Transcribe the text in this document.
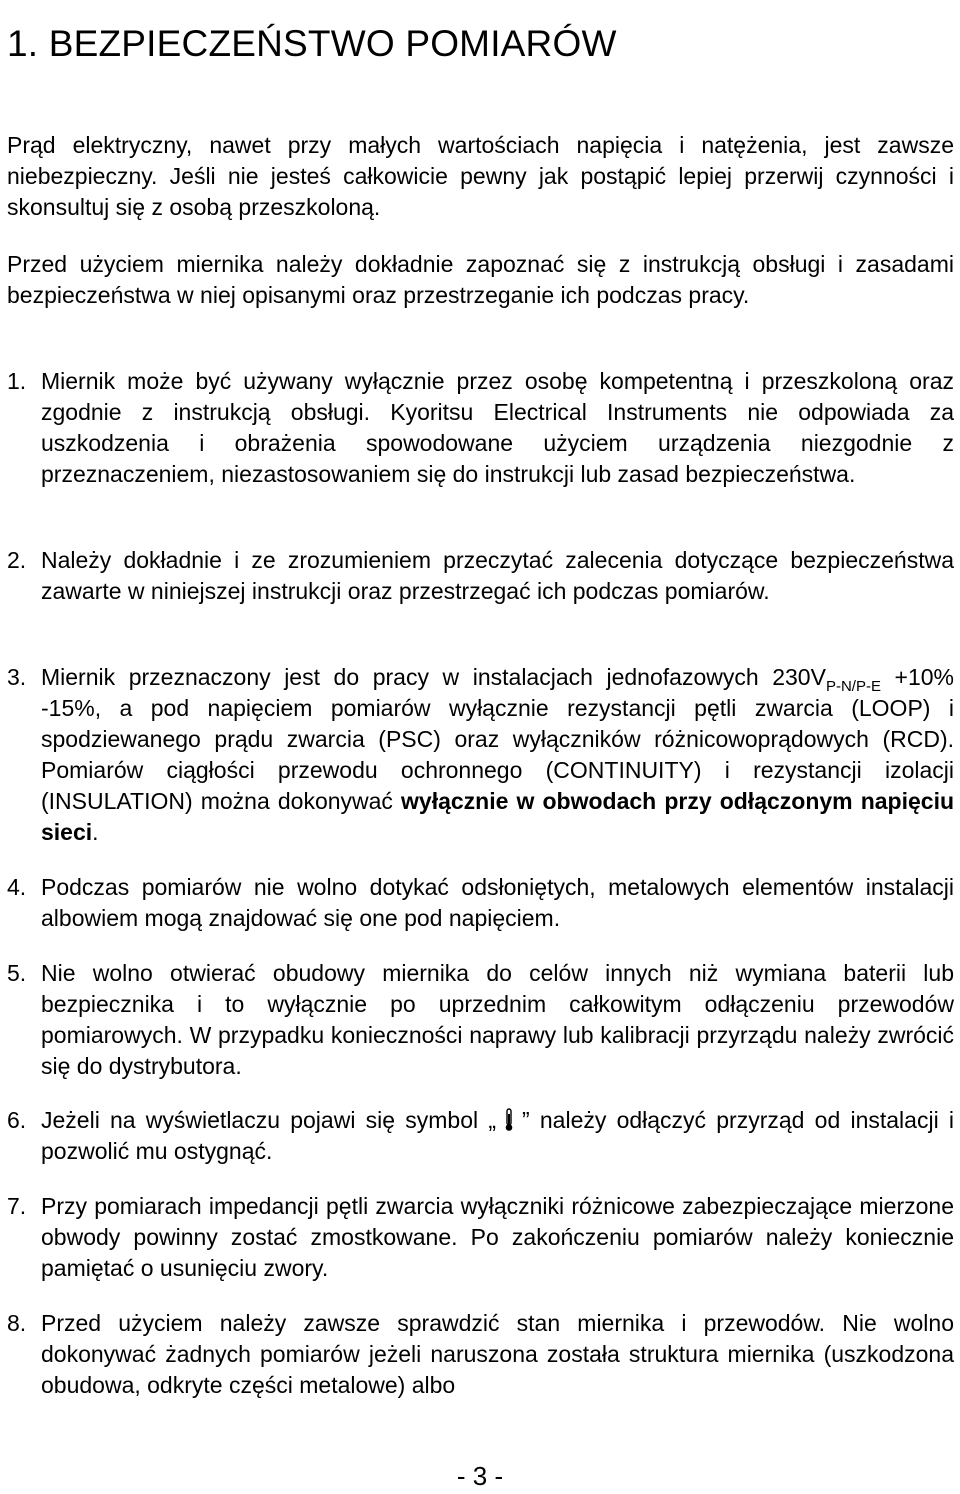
1. BEZPIECZEŃSTWO POMIARÓW

Prąd elektryczny, nawet przy małych wartościach napięcia i natężenia, jest zawsze niebezpieczny. Jeśli nie jesteś całkowicie pewny jak postąpić lepiej przerwij czynności i skonsultuj się z osobą przeszkoloną.

Przed użyciem miernika należy dokładnie zapoznać się z instrukcją obsługi i zasadami bezpieczeństwa w niej opisanymi oraz przestrzeganie ich podczas pracy.

1. Miernik może być używany wyłącznie przez osobę kompetentną i przeszkoloną oraz zgodnie z instrukcją obsługi. Kyoritsu Electrical Instruments nie odpowiada za uszkodzenia i obrażenia spowodowane użyciem urządzenia niezgodnie z przeznaczeniem, niezastosowaniem się do instrukcji lub zasad bezpieczeństwa.
2. Należy dokładnie i ze zrozumieniem przeczytać zalecenia dotyczące bezpieczeństwa zawarte w niniejszej instrukcji oraz przestrzegać ich podczas pomiarów.
3. Miernik przeznaczony jest do pracy w instalacjach jednofazowych $230V_{P-N/P-E} +10\%$ -15%, a pod napięciem pomiarów wyłącznie rezystancji pętli zwarcia (LOOP) i spodziewanego prądu zwarcia (PSC) oraz wyłączników różnicowoprądowych (RCD). Pomiarów ciągłości przewodu ochronnego (CONTINUITY) i rezystancji izolacji (INSULATION) można dokonywać wyłącznie w obwodach przy odłączonym napięciu sieci.
4. Podczas pomiarów nie wolno dotykać odsłoniętych, metalowych elementów instalacji albowiem mogą znajdować się one pod napięciem.
5. Nie wolno otwierać obudowy miernika do celów innych niż wymiana baterii lub bezpiecznika i to wyłącznie po uprzednim całkowitym odłączeniu przewodów pomiarowych. W przypadku konieczności naprawy lub kalibracji przyrządu należy zwrócić się do dystrybutora.
6. Jeżeli na wyświetlaczu pojawi się symbol „ ” należy odłączyć przyrząd od instalacji i pozwolić mu ostygnąć.
7. Przy pomiarach impedancji pętli zwarcia wyłączniki różnicowe zabezpieczające mierzone obwody powinny zostać zmostkowane. Po zakończeniu pomiarów należy koniecznie pamiętać o usunięciu zwory.
8. Przed użyciem należy zawsze sprawdzić stan miernika i przewodów. Nie wolno dokonywać żadnych pomiarów jeżeli naruszona została struktura miernika (uszkodzona obudowa, odkryte części metalowe) albo

- 3 -
